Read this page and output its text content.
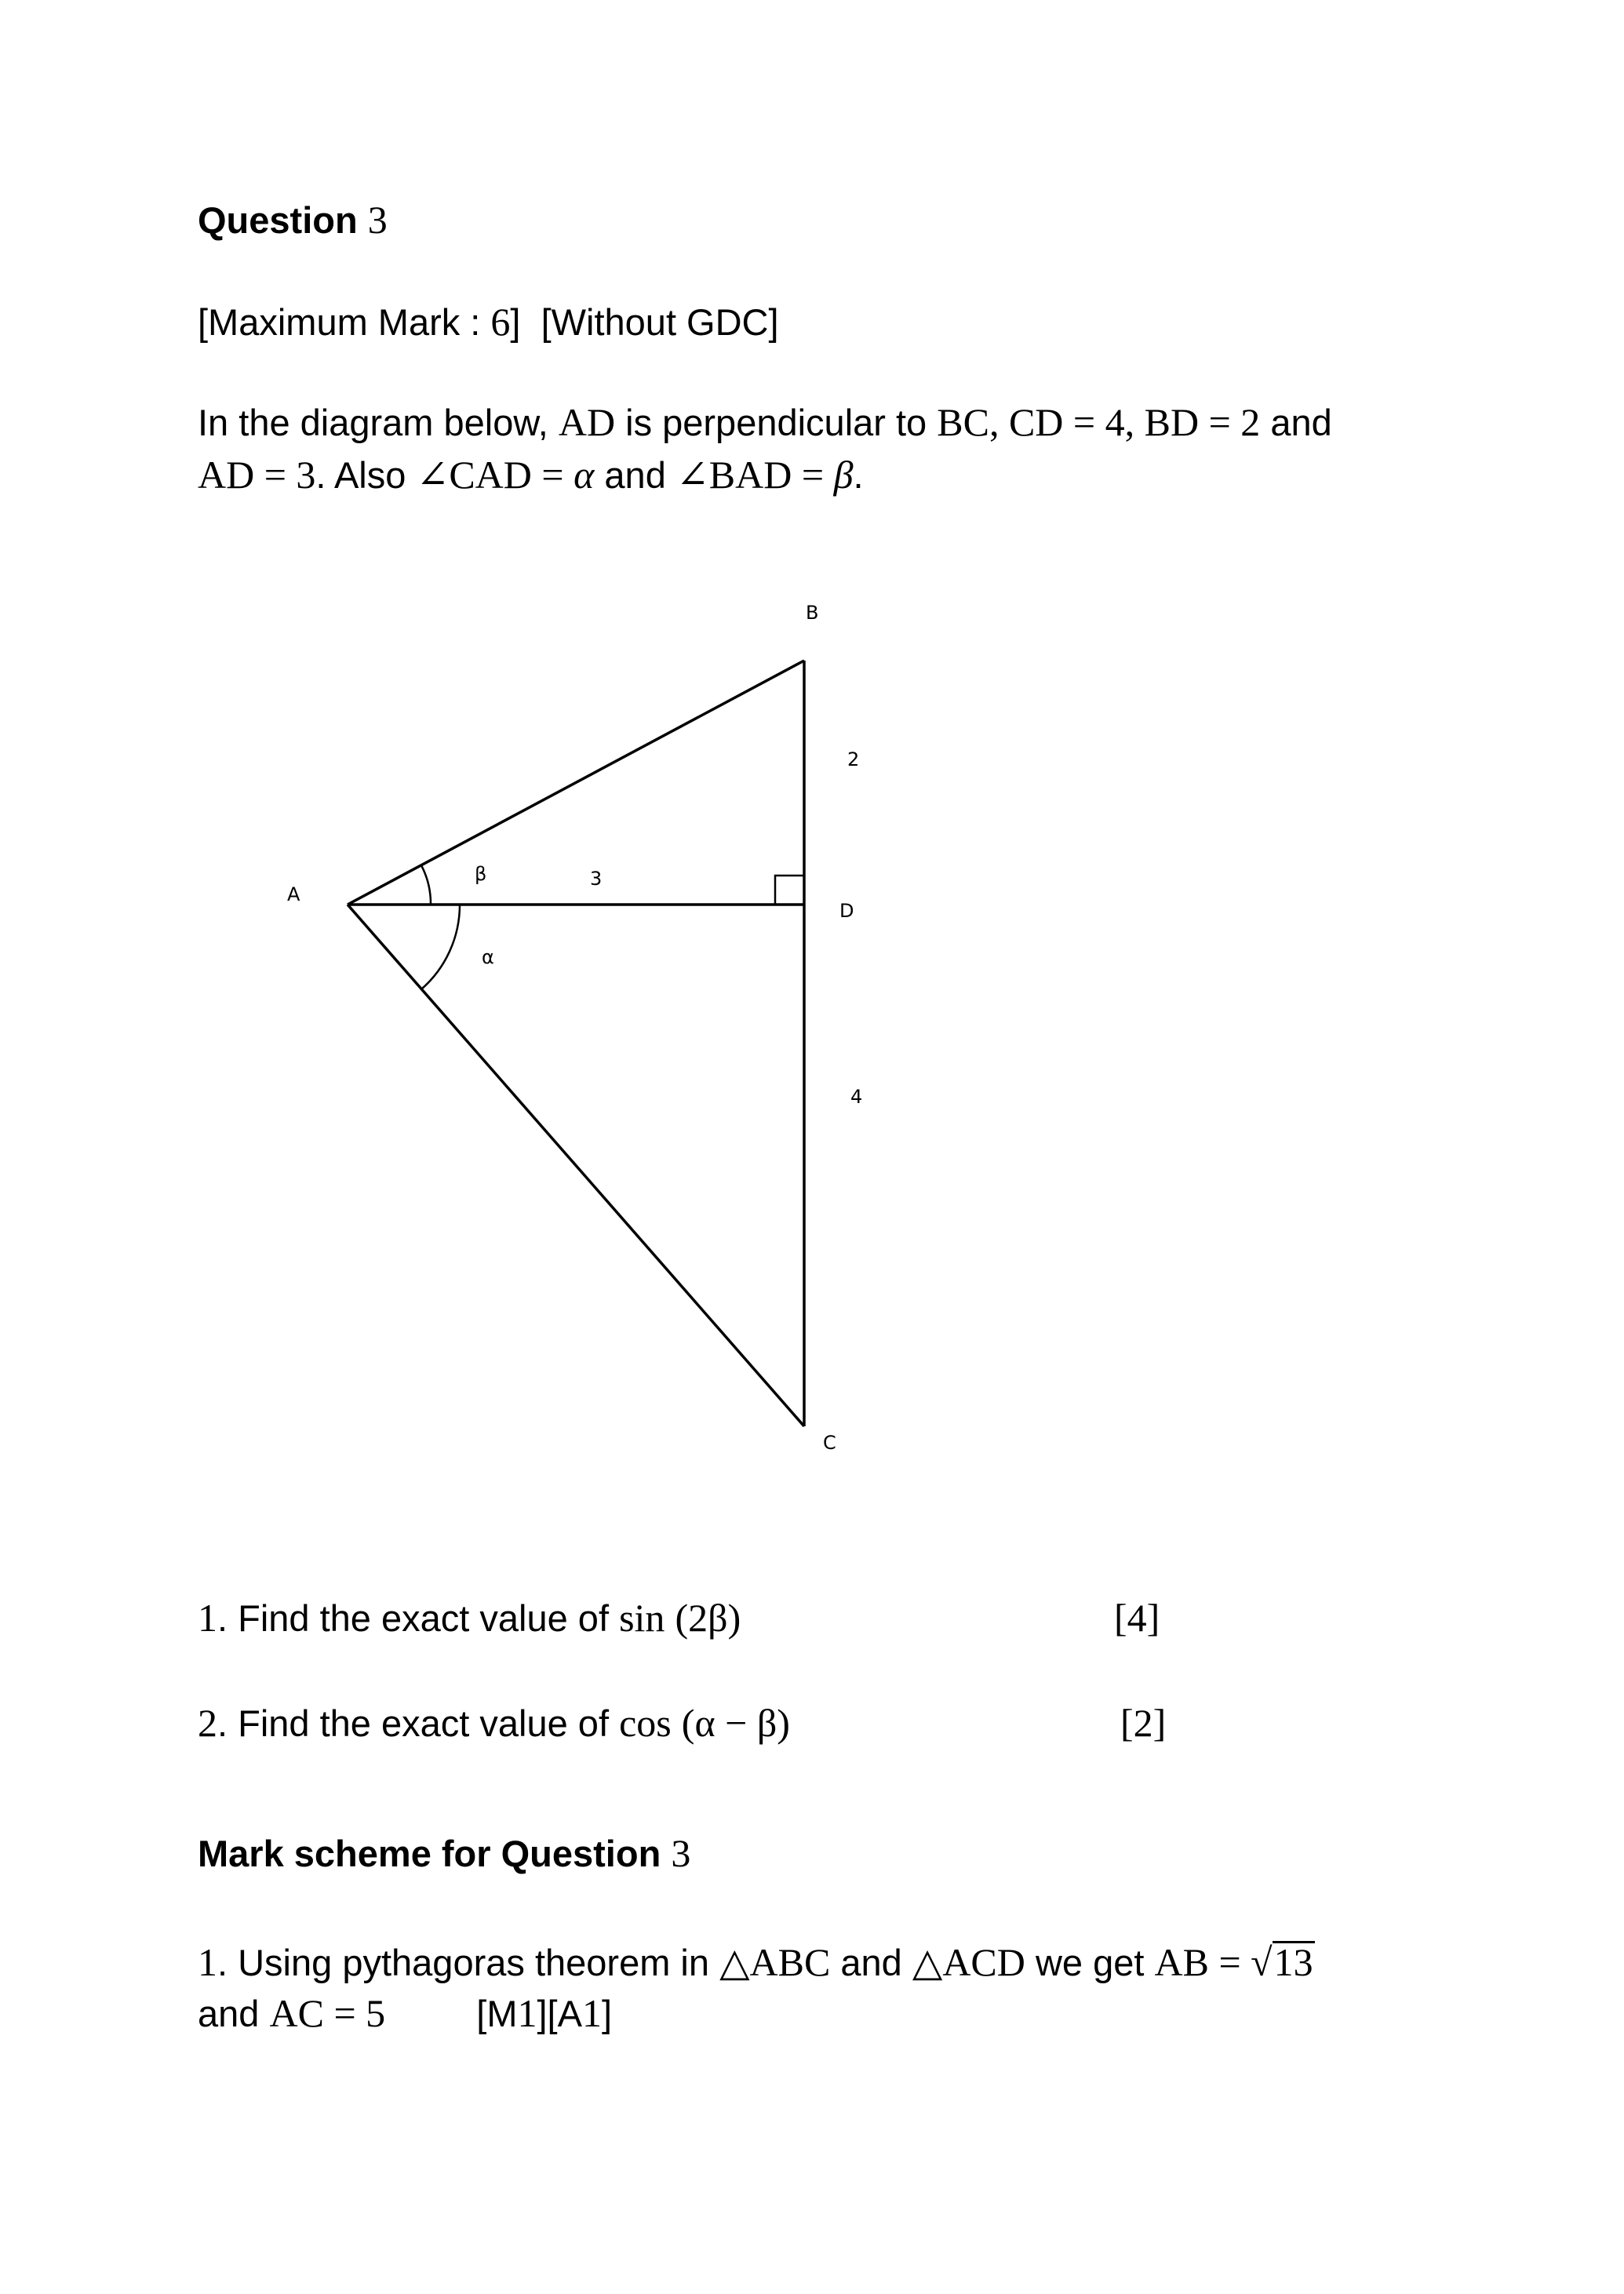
Question 3
[Maximum Mark : 6] [Without GDC]
In the diagram below, AD is perpendicular to BC, CD = 4, BD = 2 and
AD = 3. Also ∠CAD = α and ∠BAD = β.
B
A
D
C
2
3
4
β
α
1. Find the exact value of sin (2β)	[4]
2. Find the exact value of cos (α − β)	[2]
Mark scheme for Question 3
1. Using pythagoras theorem in △ABC and △ACD we get AB = √13
and AC = 5 [M1][A1]
